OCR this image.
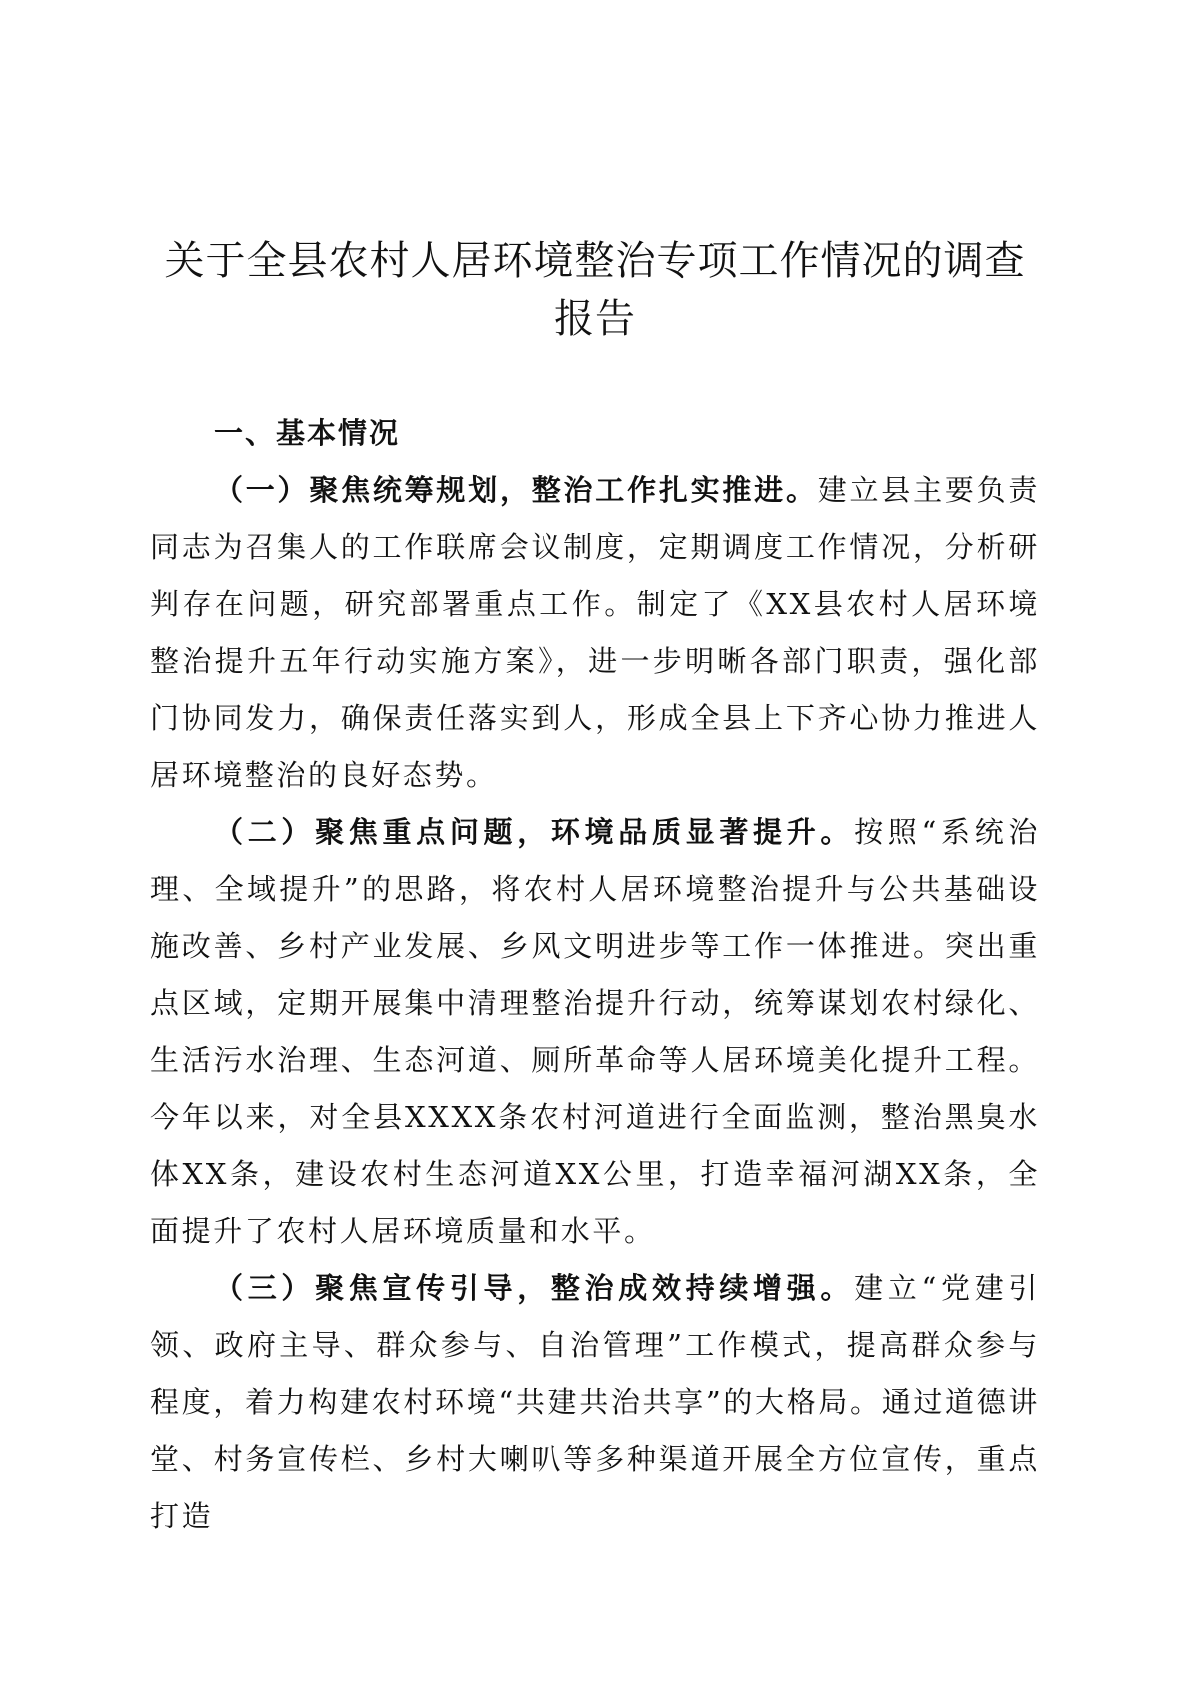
关于全县农村人居环境整治专项工作情况的调查报告

一、基本情况

（一）聚焦统筹规划，整治工作扎实推进。建立县主要负责同志为召集人的工作联席会议制度，定期调度工作情况，分析研判存在问题，研究部署重点工作。制定了《XX县农村人居环境整治提升五年行动实施方案》，进一步明晰各部门职责，强化部门协同发力，确保责任落实到人，形成全县上下齐心协力推进人居环境整治的良好态势。

（二）聚焦重点问题，环境品质显著提升。按照“系统治理、全域提升”的思路，将农村人居环境整治提升与公共基础设施改善、乡村产业发展、乡风文明进步等工作一体推进。突出重点区域，定期开展集中清理整治提升行动，统筹谋划农村绿化、生活污水治理、生态河道、厕所革命等人居环境美化提升工程。今年以来，对全县XXXX条农村河道进行全面监测，整治黑臭水体XX条，建设农村生态河道XX公里，打造幸福河湖XX条，全面提升了农村人居环境质量和水平。

（三）聚焦宣传引导，整治成效持续增强。建立“党建引领、政府主导、群众参与、自治管理”工作模式，提高群众参与程度，着力构建农村环境“共建共治共享”的大格局。通过道德讲堂、村务宣传栏、乡村大喇叭等多种渠道开展全方位宣传，重点打造
